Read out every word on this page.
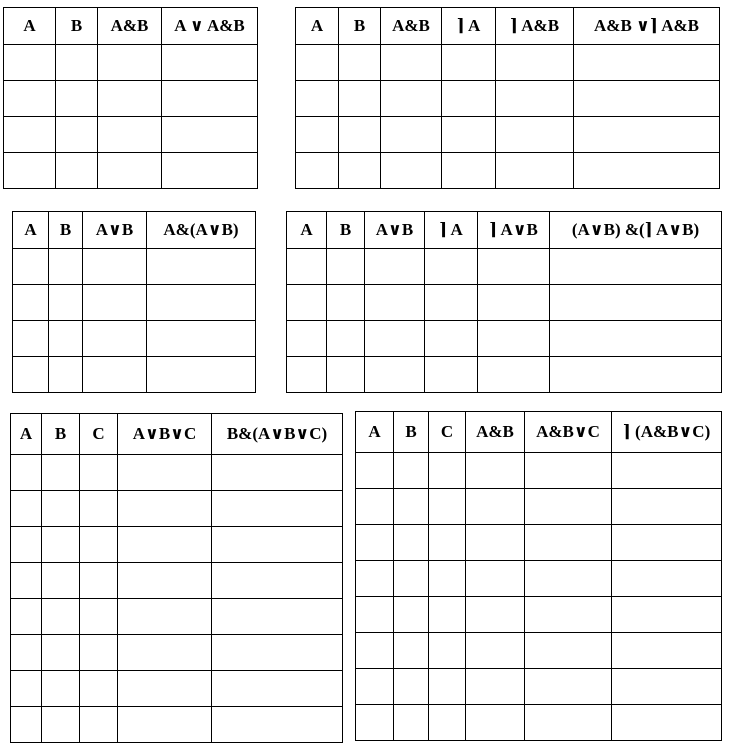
A	B	A&B	A ∨ A&B

				A	B	A&B	⌉ A	⌉ A&B	A&B ∨⌉ A&B

A	B	A∨B	A&(A∨B)

				A	B	A∨B	⌉ A	⌉ A∨B	(A∨B) &(⌉ A∨B)

A	B	C	A∨B∨C	B&(A∨B∨C)

				A	B	C	A&B	A&B∨C	⌉ (A&B∨C)
